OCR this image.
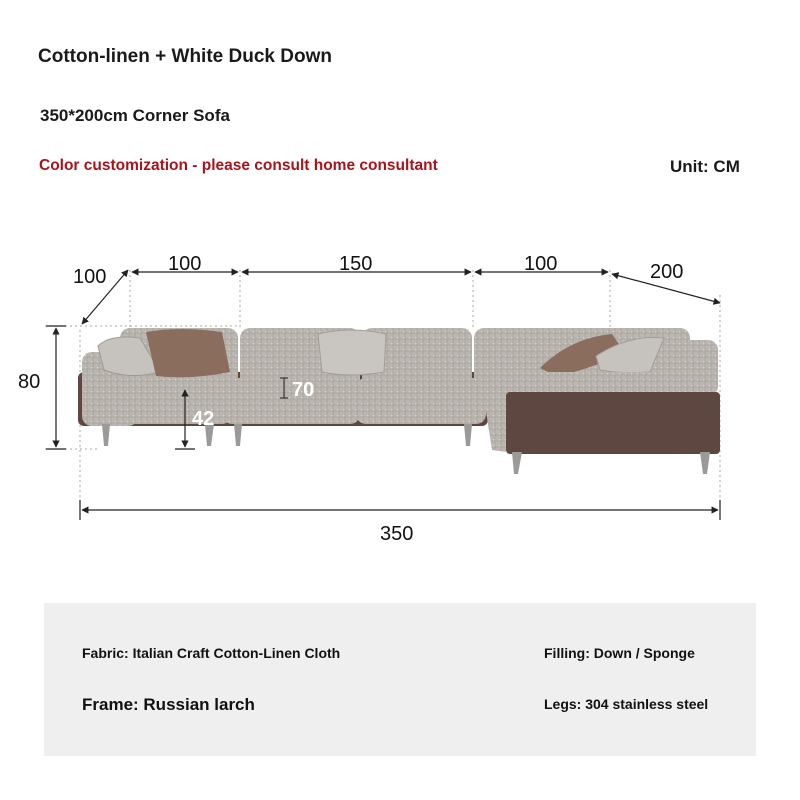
Cotton-linen + White Duck Down
350*200cm Corner Sofa
Color customization - please consult home consultant	Unit: CM
100
100	150	100	200
80
42
70
350
Fabric: Italian Craft Cotton-Linen Cloth	Filling: Down / Sponge
Frame: Russian larch	Legs: 304 stainless steel
